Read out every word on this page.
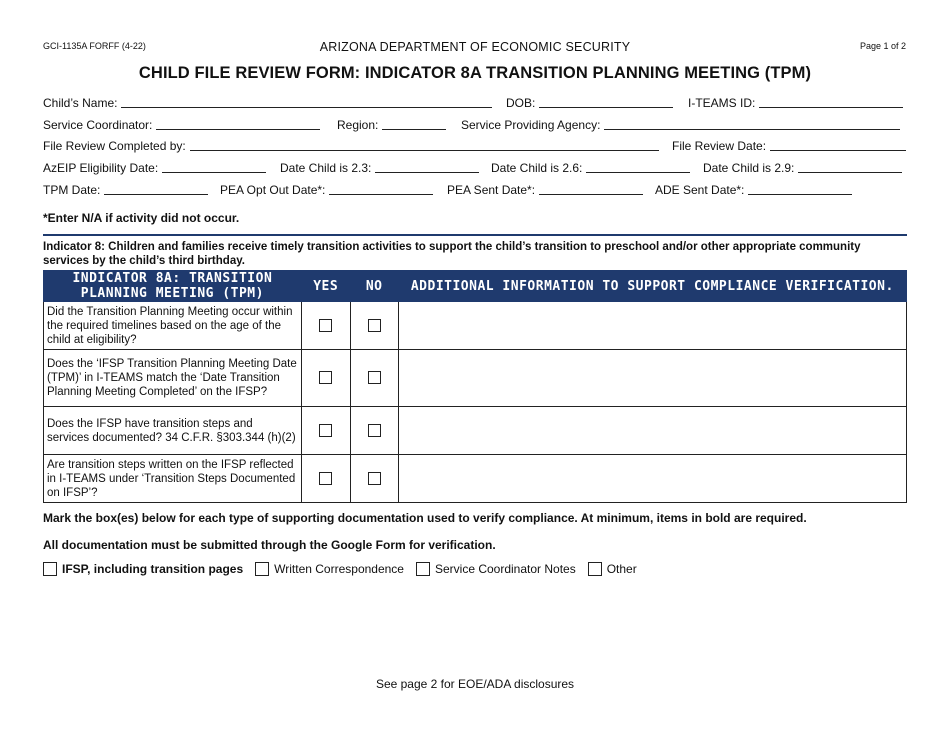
GCI-1135A FORFF (4-22)	ARIZONA DEPARTMENT OF ECONOMIC SECURITY	Page 1 of 2
CHILD FILE REVIEW FORM: INDICATOR 8A TRANSITION PLANNING MEETING (TPM)
Child’s Name:	DOB:	I-TEAMS ID:
Service Coordinator:	Region:	Service Providing Agency:
File Review Completed by:	File Review Date:
AzEIP Eligibility Date:	Date Child is 2.3:	Date Child is 2.6:	Date Child is 2.9:
TPM Date:	PEA Opt Out Date*:	PEA Sent Date*:	ADE Sent Date*:
*Enter N/A if activity did not occur.
Indicator 8: Children and families receive timely transition activities to support the child’s transition to preschool and/or other appropriate community services by the child’s third birthday.
INDICATOR 8A: TRANSITION PLANNING MEETING (TPM)	YES	NO	ADDITIONAL INFORMATION TO SUPPORT COMPLIANCE VERIFICATION.
Did the Transition Planning Meeting occur within the required timelines based on the age of the child at eligibility?			
Does the ‘IFSP Transition Planning Meeting Date (TPM)’ in I-TEAMS match the ‘Date Transition Planning Meeting Completed’ on the IFSP?			
Does the IFSP have transition steps and services documented? 34 C.F.R. §303.344 (h)(2)			
Are transition steps written on the IFSP reflected in I-TEAMS under ‘Transition Steps Documented on IFSP’?			
Mark the box(es) below for each type of supporting documentation used to verify compliance. At minimum, items in bold are required.
All documentation must be submitted through the Google Form for verification.
IFSP, including transition pages	Written Correspondence	Service Coordinator Notes	Other
See page 2 for EOE/ADA disclosures
